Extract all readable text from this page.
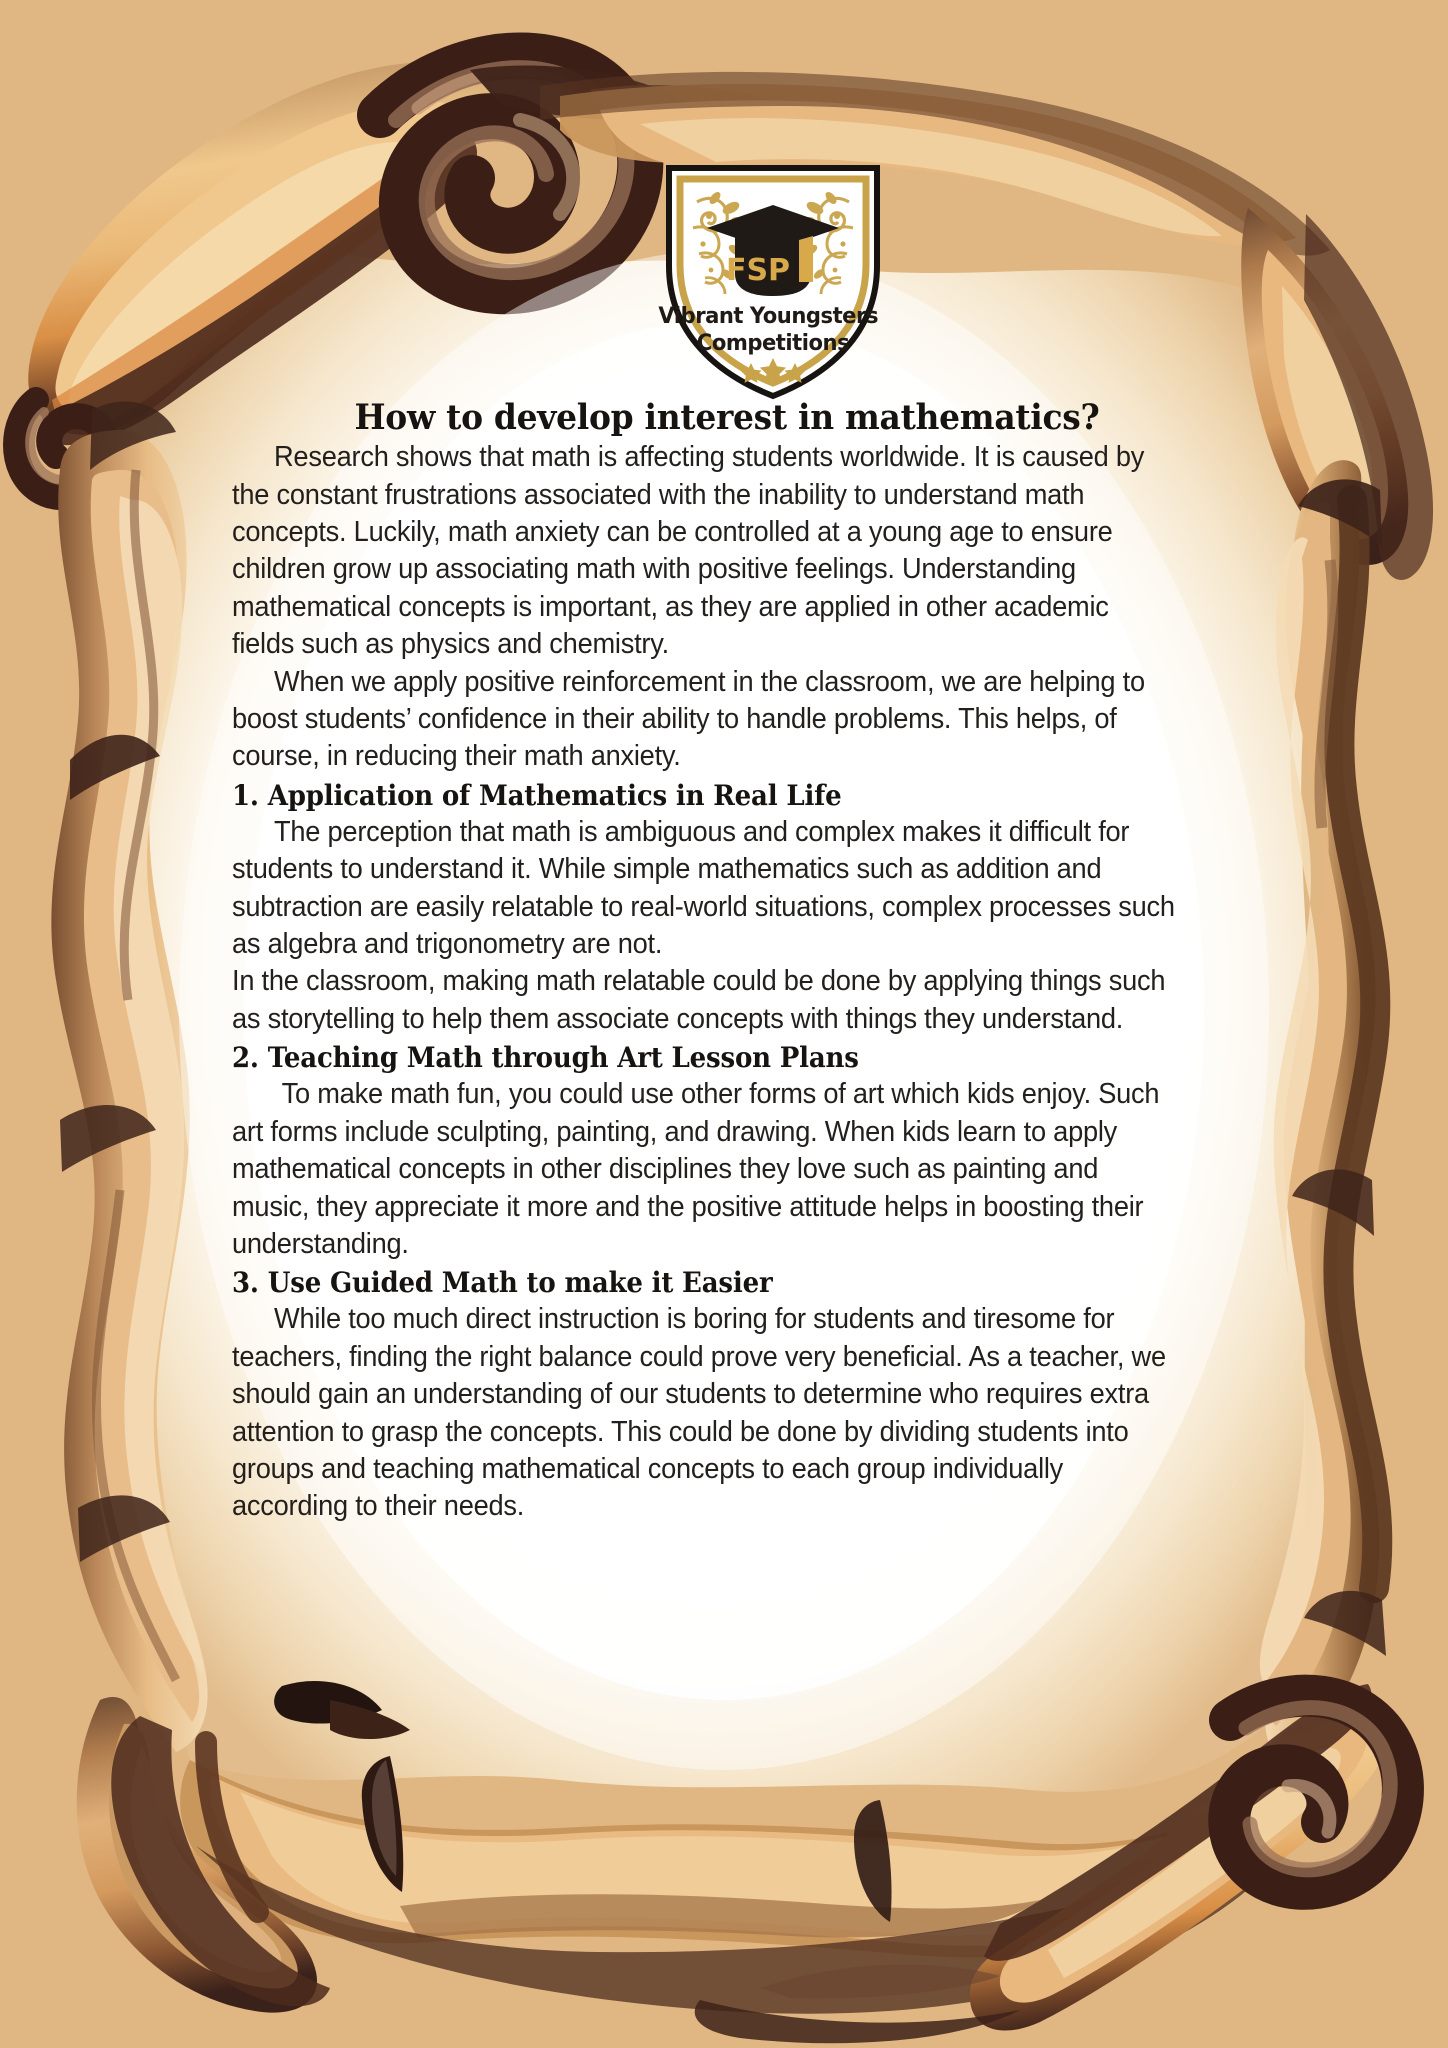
FSP
Vibrant Youngsters
Competitions
How to develop interest in mathematics?

Research shows that math is affecting students worldwide. It is caused by the constant frustrations associated with the inability to understand math concepts. Luckily, math anxiety can be controlled at a young age to ensure children grow up associating math with positive feelings. Understanding mathematical concepts is important, as they are applied in other academic fields such as physics and chemistry.

When we apply positive reinforcement in the classroom, we are helping to boost students’ confidence in their ability to handle problems. This helps, of course, in reducing their math anxiety.

1. Application of Mathematics in Real Life

The perception that math is ambiguous and complex makes it difficult for students to understand it. While simple mathematics such as addition and subtraction are easily relatable to real-world situations, complex processes such as algebra and trigonometry are not.

In the classroom, making math relatable could be done by applying things such as storytelling to help them associate concepts with things they understand.

2. Teaching Math through Art Lesson Plans

To make math fun, you could use other forms of art which kids enjoy. Such art forms include sculpting, painting, and drawing. When kids learn to apply mathematical concepts in other disciplines they love such as painting and music, they appreciate it more and the positive attitude helps in boosting their understanding.

3. Use Guided Math to make it Easier

While too much direct instruction is boring for students and tiresome for teachers, finding the right balance could prove very beneficial. As a teacher, we should gain an understanding of our students to determine who requires extra attention to grasp the concepts. This could be done by dividing students into groups and teaching mathematical concepts to each group individually according to their needs.
